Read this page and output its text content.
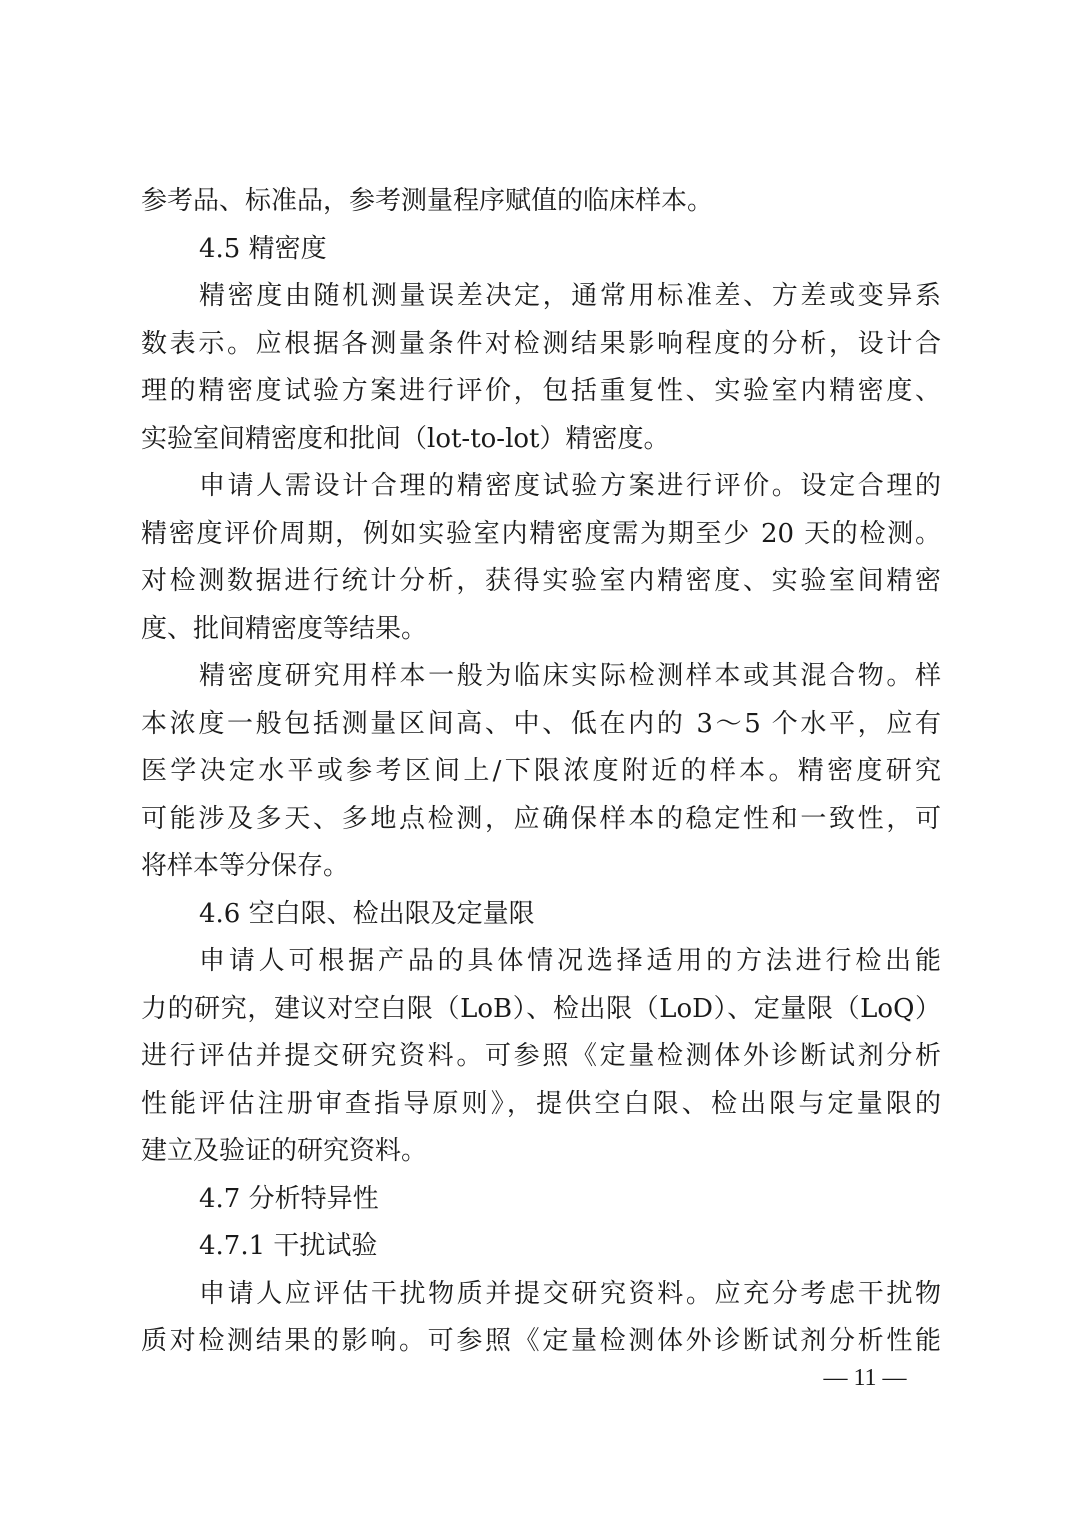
参考品、标准品，参考测量程序赋值的临床样本。
4.5 精密度
精密度由随机测量误差决定，通常用标准差、方差或变异系
数表示。应根据各测量条件对检测结果影响程度的分析，设计合
理的精密度试验方案进行评价，包括重复性、实验室内精密度、
实验室间精密度和批间（lot-to-lot）精密度。
申请人需设计合理的精密度试验方案进行评价。设定合理的
精密度评价周期，例如实验室内精密度需为期至少 20 天的检测。
对检测数据进行统计分析，获得实验室内精密度、实验室间精密
度、批间精密度等结果。
精密度研究用样本一般为临床实际检测样本或其混合物。样
本浓度一般包括测量区间高、中、低在内的 3～5 个水平，应有
医学决定水平或参考区间上/下限浓度附近的样本。精密度研究
可能涉及多天、多地点检测，应确保样本的稳定性和一致性，可
将样本等分保存。
4.6 空白限、检出限及定量限
申请人可根据产品的具体情况选择适用的方法进行检出能
力的研究，建议对空白限（LoB）、检出限（LoD）、定量限（LoQ）
进行评估并提交研究资料。可参照《定量检测体外诊断试剂分析
性能评估注册审查指导原则》，提供空白限、检出限与定量限的
建立及验证的研究资料。
4.7 分析特异性
4.7.1 干扰试验
申请人应评估干扰物质并提交研究资料。应充分考虑干扰物
质对检测结果的影响。可参照《定量检测体外诊断试剂分析性能
— 11 —
